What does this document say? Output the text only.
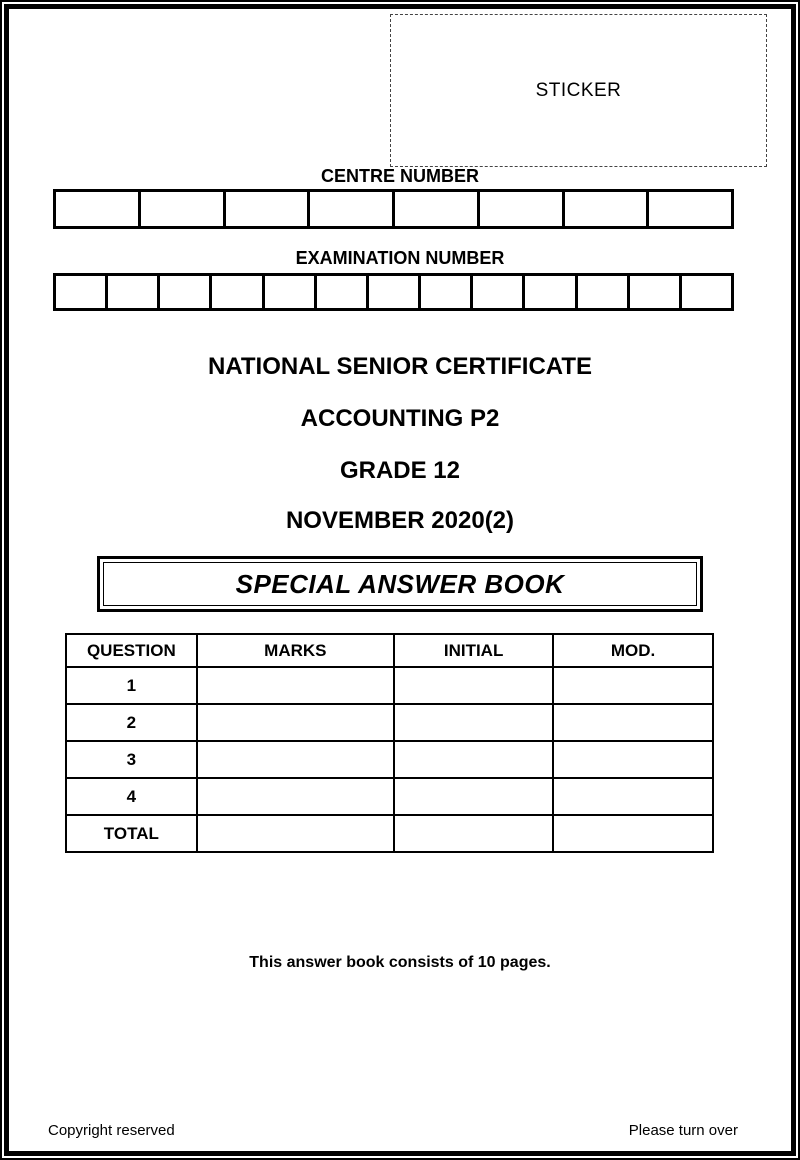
STICKER
CENTRE NUMBER
EXAMINATION NUMBER
NATIONAL SENIOR CERTIFICATE
ACCOUNTING P2
GRADE 12
NOVEMBER 2020(2)
SPECIAL ANSWER BOOK
QUESTION	MARKS	INITIAL	MOD.
1			
2			
3			
4			
TOTAL			
This answer book consists of 10 pages.
Copyright reserved	Please turn over
